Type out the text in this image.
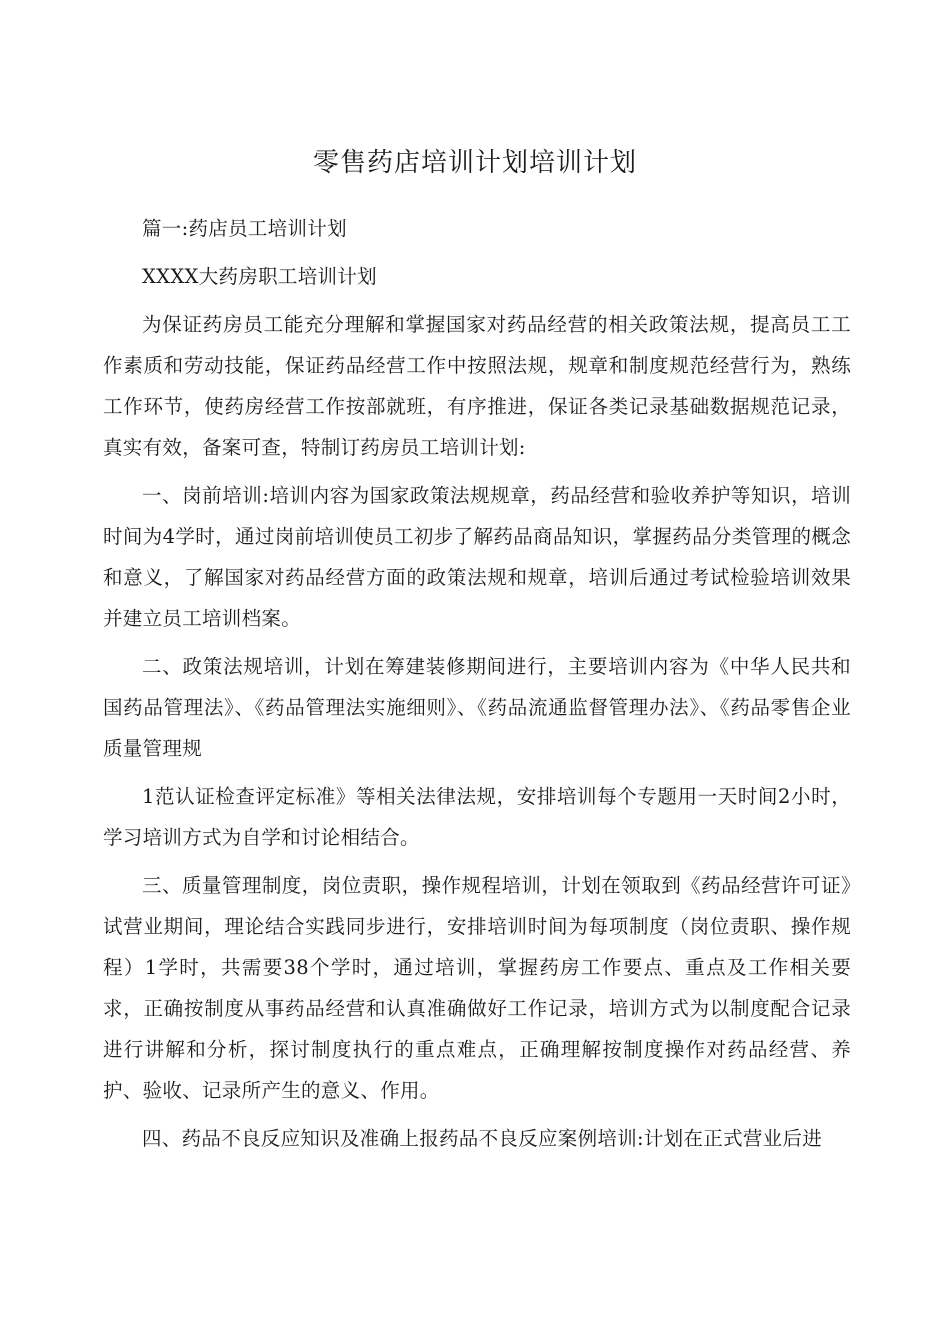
零售药店培训计划培训计划

篇一:药店员工培训计划

XXXX大药房职工培训计划

为保证药房员工能充分理解和掌握国家对药品经营的相关政策法规，提高员工工作素质和劳动技能，保证药品经营工作中按照法规，规章和制度规范经营行为，熟练工作环节，使药房经营工作按部就班，有序推进，保证各类记录基础数据规范记录，真实有效，备案可查，特制订药房员工培训计划:

一、岗前培训:培训内容为国家政策法规规章，药品经营和验收养护等知识，培训时间为4学时，通过岗前培训使员工初步了解药品商品知识，掌握药品分类管理的概念和意义，了解国家对药品经营方面的政策法规和规章，培训后通过考试检验培训效果并建立员工培训档案。

二、政策法规培训，计划在筹建装修期间进行，主要培训内容为《中华人民共和国药品管理法》、《药品管理法实施细则》、《药品流通监督管理办法》、《药品零售企业质量管理规

1范认证检查评定标准》等相关法律法规，安排培训每个专题用一天时间2小时，学习培训方式为自学和讨论相结合。

三、质量管理制度，岗位责职，操作规程培训，计划在领取到《药品经营许可证》试营业期间，理论结合实践同步进行，安排培训时间为每项制度（岗位责职、操作规程）1学时，共需要38个学时，通过培训，掌握药房工作要点、重点及工作相关要求，正确按制度从事药品经营和认真准确做好工作记录，培训方式为以制度配合记录进行讲解和分析，探讨制度执行的重点难点，正确理解按制度操作对药品经营、养护、验收、记录所产生的意义、作用。

四、药品不良反应知识及准确上报药品不良反应案例培训:计划在正式营业后进
